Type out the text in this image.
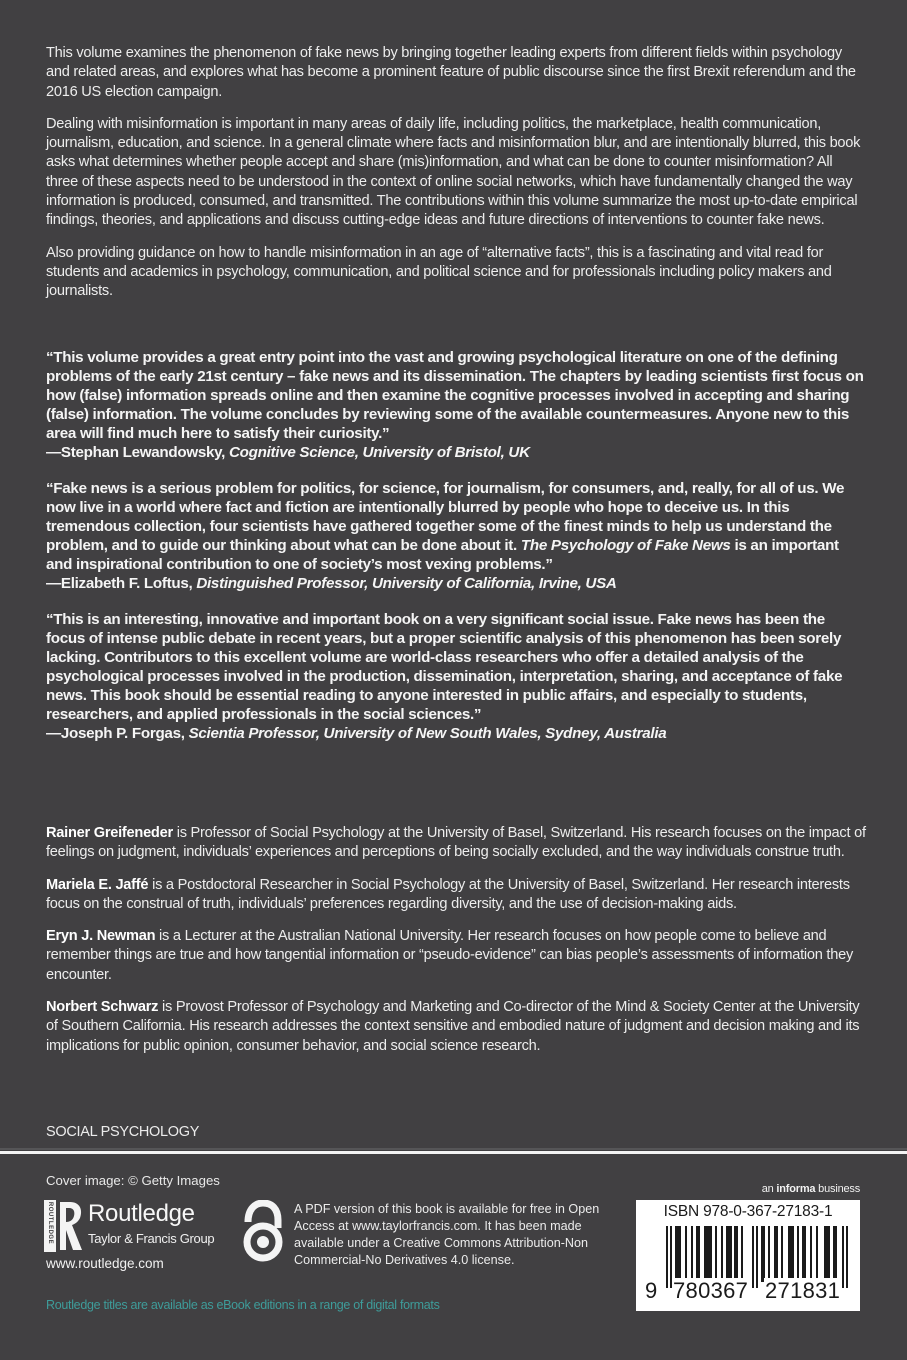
This volume examines the phenomenon of fake news by bringing together leading experts from different fields within psychology and related areas, and explores what has become a prominent feature of public discourse since the first Brexit referendum and the 2016 US election campaign.

Dealing with misinformation is important in many areas of daily life, including politics, the marketplace, health communication, journalism, education, and science. In a general climate where facts and misinformation blur, and are intentionally blurred, this book asks what determines whether people accept and share (mis)information, and what can be done to counter misinformation? All three of these aspects need to be understood in the context of online social networks, which have fundamentally changed the way information is produced, consumed, and transmitted. The contributions within this volume summarize the most up-to-date empirical findings, theories, and applications and discuss cutting-edge ideas and future directions of interventions to counter fake news.

Also providing guidance on how to handle misinformation in an age of “alternative facts”, this is a fascinating and vital read for students and academics in psychology, communication, and political science and for professionals including policy makers and journalists.

“This volume provides a great entry point into the vast and growing psychological literature on one of the defining problems of the early 21st century – fake news and its dissemination. The chapters by leading scientists first focus on how (false) information spreads online and then examine the cognitive processes involved in accepting and sharing (false) information. The volume concludes by reviewing some of the available countermeasures. Anyone new to this area will find much here to satisfy their curiosity.”
—Stephan Lewandowsky, Cognitive Science, University of Bristol, UK
“Fake news is a serious problem for politics, for science, for journalism, for consumers, and, really, for all of us. We now live in a world where fact and fiction are intentionally blurred by people who hope to deceive us. In this tremendous collection, four scientists have gathered together some of the finest minds to help us understand the problem, and to guide our thinking about what can be done about it. The Psychology of Fake News is an important and inspirational contribution to one of society’s most vexing problems.”
—Elizabeth F. Loftus, Distinguished Professor, University of California, Irvine, USA
“This is an interesting, innovative and important book on a very significant social issue. Fake news has been the focus of intense public debate in recent years, but a proper scientific analysis of this phenomenon has been sorely lacking. Contributors to this excellent volume are world-class researchers who offer a detailed analysis of the psychological processes involved in the production, dissemination, interpretation, sharing, and acceptance of fake news. This book should be essential reading to anyone interested in public affairs, and especially to students, researchers, and applied professionals in the social sciences.”
—Joseph P. Forgas, Scientia Professor, University of New South Wales, Sydney, Australia

Rainer Greifeneder is Professor of Social Psychology at the University of Basel, Switzerland. His research focuses on the impact of feelings on judgment, individuals’ experiences and perceptions of being socially excluded, and the way individuals construe truth.

Mariela E. Jaffé is a Postdoctoral Researcher in Social Psychology at the University of Basel, Switzerland. Her research interests focus on the construal of truth, individuals’ preferences regarding diversity, and the use of decision-making aids.

Eryn J. Newman is a Lecturer at the Australian National University. Her research focuses on how people come to believe and remember things are true and how tangential information or “pseudo-evidence” can bias people’s assessments of information they encounter.

Norbert Schwarz is Provost Professor of Psychology and Marketing and Co-director of the Mind & Society Center at the University of Southern California. His research addresses the context sensitive and embodied nature of judgment and decision making and its implications for public opinion, consumer behavior, and social science research.

SOCIAL PSYCHOLOGY
Cover image: © Getty Images
ROUTLEDGE Routledge
Taylor & Francis Group
www.routledge.com
A PDF version of this book is available for free in Open Access at www.taylorfrancis.com. It has been made available under a Creative Commons Attribution-Non Commercial-No Derivatives 4.0 license.
an informa business
ISBN 978-0-367-27183-1
9 780367 271831
Routledge titles are available as eBook editions in a range of digital formats
